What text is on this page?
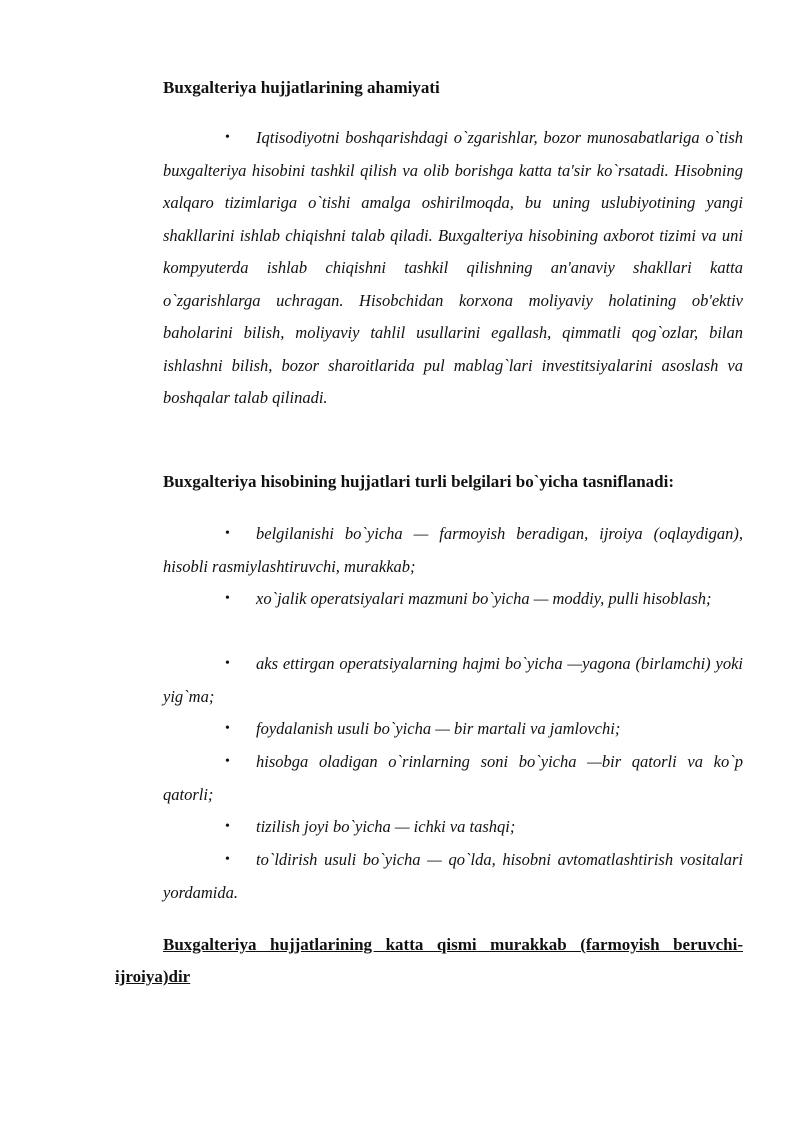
Buxgalteriya hujjatlarining ahamiyati
•	Iqtisodiyotni boshqarishdagi o`zgarishlar, bozor munosabatlariga o`tish buxgalteriya hisobini tashkil qilish va olib borishga katta ta'sir ko`rsatadi. Hisobning xalqaro tizimlariga o`tishi amalga oshirilmoqda, bu uning uslubiyotining yangi shakllarini ishlab chiqishni talab qiladi. Buxgalteriya hisobining axborot tizimi va uni kompyuterda ishlab chiqishni tashkil qilishning an'anaviy shakllari katta o`zgarishlarga uchragan. Hisobchidan korxona moliyaviy holatining ob'ektiv baholarini bilish, moliyaviy tahlil usullarini egallash, qimmatli qog`ozlar, bilan ishlashni bilish, bozor sharoitlarida pul mablag`lari investitsiyalarini asoslash va boshqalar talab qilinadi.

Buxgalteriya hisobining hujjatlari turli belgilari bo`yicha tasniflanadi:
•	belgilanishi bo`yicha — farmoyish beradigan, ijroiya (oqlaydigan), hisobli rasmiylashtiruvchi, murakkab;

•	xo`jalik operatsiyalari mazmuni bo`yicha — moddiy, pulli hisoblash;

•	aks ettirgan operatsiyalarning hajmi bo`yicha —yagona (birlamchi) yoki yig`ma;

•	foydalanish usuli bo`yicha — bir martali va jamlovchi;

•	hisobga oladigan o`rinlarning soni bo`yicha —bir qatorli va ko`p qatorli;

•	tizilish joyi bo`yicha — ichki va tashqi;

•	to`ldirish usuli bo`yicha — qo`lda, hisobni avtomatlashtirish vositalari yordamida.

Buxgalteriya hujjatlarining katta qismi murakkab (farmoyish beruvchi-ijroiya)dir
